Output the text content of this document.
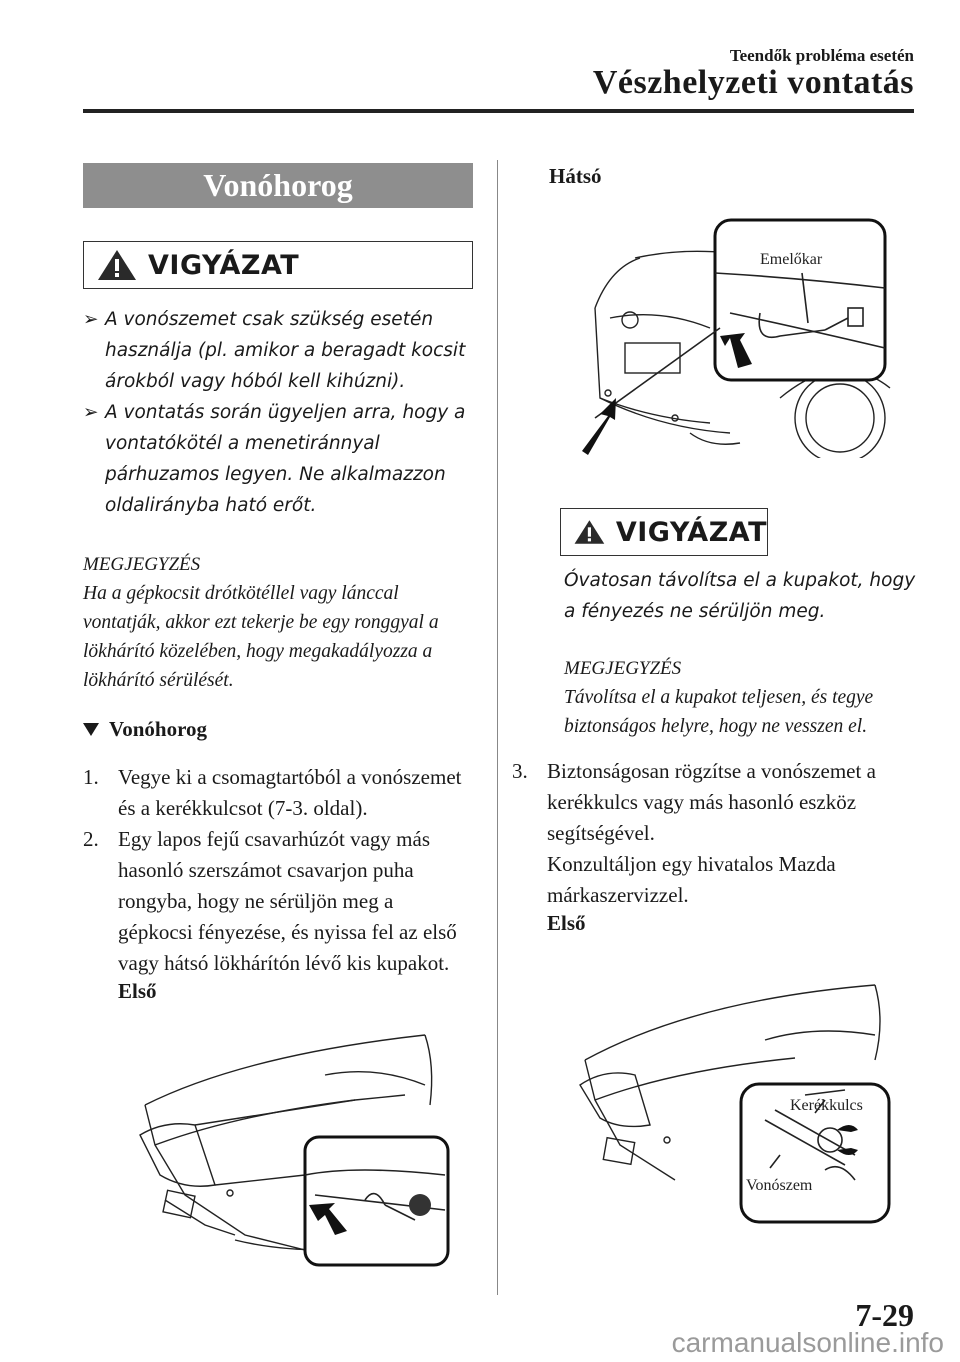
Teendők probléma esetén
Vészhelyzeti vontatás
Vonóhorog
VIGYÁZAT
➢ A vonószemet csak szükség esetén használja (pl. amikor a beragadt kocsit árokból vagy hóból kell kihúzni).
➢ A vontatás során ügyeljen arra, hogy a vontatókötél a menetiránnyal párhuzamos legyen. Ne alkalmazzon oldalirányba ható erőt.
MEGJEGYZÉS
Ha a gépkocsit drótkötéllel vagy lánccal vontatják, akkor ezt tekerje be egy ronggyal a lökhárító közelében, hogy megakadályozza a lökhárító sérülését.
Vonóhorog
1. Vegye ki a csomagtartóból a vonószemet és a kerékkulcsot (7-3. oldal).
2. Egy lapos fejű csavarhúzót vagy más hasonló szerszámot csavarjon puha rongyba, hogy ne sérüljön meg a gépkocsi fényezése, és nyissa fel az első vagy hátsó lökhárítón lévő kis kupakot.
Első
Hátsó
Emelőkar
VIGYÁZAT
Óvatosan távolítsa el a kupakot, hogy a fényezés ne sérüljön meg.
MEGJEGYZÉS
Távolítsa el a kupakot teljesen, és tegye biztonságos helyre, hogy ne vesszen el.
3. Biztonságosan rögzítse a vonószemet a kerékkulcs vagy más hasonló eszköz segítségével.
Konzultáljon egy hivatalos Mazda márkaszervizzel.
Első
Kerékkulcs
Vonószem
7-29
carmanualsonline.info
